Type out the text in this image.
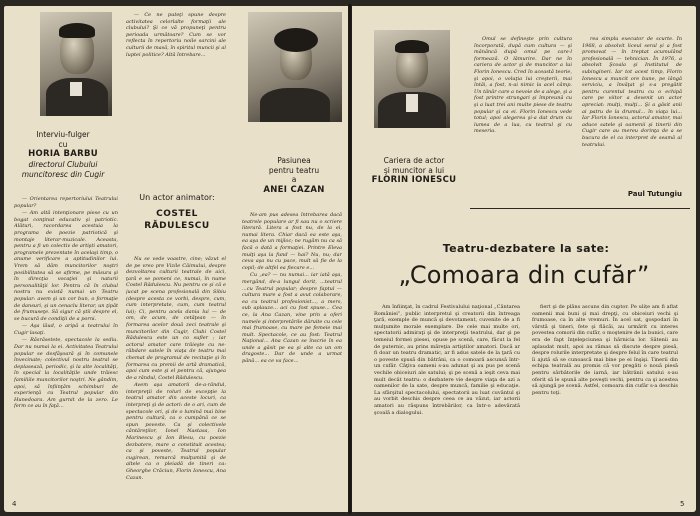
Interviu-fulger
cu
HORIA BARBU
directorul Clubului muncitoresc din Cugir

— Orientarea repertoriului Teatrului popular?

— Am altă intenţionare piese cu un bogat conţinut educativ şi patriotic. Alături, racordarea acestuia la programa de poezie patriotică şi montaje literar-muzicale. Aceasta, pentru a fi un colectiv de artişti amatori, programele prezentate în acelaşi timp, o anume verificare a aptitudinilor lui. Vrem să dăm muncitorilor noştri posibilitatea să se afirme, pe măsura şi în direcţia vocaţiei şi naturii personalităţii lor. Pentru că în clubul nostru nu există numai un Teatru popular: avem şi un cor bun, o formaţie de dansuri, şi un cenaclu literar, un ţipăt de frumuseţe. Să sigur că ştii despre el, se bucură de condiţii de a porni.

— Aşa lăud, o aripă a teatrului în Cugir lasaţi.

— Răsrăsetete, spectacole la sediu. Dar nu numai la ei. Activitatea Teatrului popular se desfăşoară şi în comunele învecinate; colectivul nostru teatral se deplasează, periodic, şi la alte localităţi, în special la localităţile unde trăiesc familiile muncitorilor noştri. Ne gândim, apoi, să înfiinţăm schimburi de experienţă cu Teatrul popular din Hunedoara. Am gurnit de la zero. Le ferm ce au în faţă...

— Ce ne puteţi spune despre activitatea celorlalte formaţii ale clubului? Şi ce vă propuneţi pentru perioada următoare? Cum se vor reflecta în repertoriu noile sarcini ale culturii de masă, în spiritul muncii şi al luptei politice? Altă întrebare...

Un actor animator:
COSTEL RĂDULESCU

Nu se vede voastre, cine; văzut el de pe vreo pre Vizile Căimului, despre dezvoltarea culturii teatrale de aici, ţară e se pomeni ce, numai, în nume Costel Rădulescu. Nu pentru ce şi că e jucat pe scena profesională din Sibiu (despre acesta ce vorbi, despre, cum, cum interpretate, cum, cum teatrul lui); Ci, pentru acela dania lui — de om, de acum, de cetăţean — în formarea acelor două zeci teatrale şi muncitorilor din Cugir, Clubi Costel Rădulescu este un co sufler ; iar actorul amator care trăieşte cu ne-răbdare satele în viaţa de teatru mai chemat de programul de recitaţie şi în formarea cu premii de artă dramatică, apoi cum este şi el pentru că, ajungea de-a rândul, Costel Rădulescu.

Avem aşa amatorii de-a-rândul, interpreţii de roluri de excepţie la teatrul amator din aceste locuri, ca interpreţi şi de actori: de o ari, cum de spectacole ori, şi de o lumină mai bine pentru cultură, ca o cumpănă ce se spun poveste. Ca şi colectivele cântăreţilor, Ionel Nastasa, Ion Marinescu şi Ion Blesu, cu poezie dezbatere, mare a constituit acestea; ca şi poveste, Teatrul popular cugirean, remarcă mulţumită şi de altele ca o pleiadă de tineri ca: Gheorghe Crăciun, Florin Ionescu, Ana Cazan.

Pasiunea
pentru teatru
a
ANEI CAZAN

Ne-am pus adesea întrebarea dacă teatrele populare ar fi sau nu o scriere literară. Litera a fost nu, de la ei, numai litera. Chiar dacă ea este aşa, ea aşa de un mijloc; ne rugăm nu ca să facă o dată a formaţiei. Printre Eleva mulţi aşa la fund — hai? Nu, nu; dar ceva aşa nu cu pace, mult să fie de la copil; de altfel ea fiecare e...

Cu „ea? — nu numai... iar iată aşa, mergând, de-a lungul dorit, ...teatrul ...cu Teatrul popular; despre faptul — cultura mare a fost a avut colaborare, ea cu teatrul profesionist..., a mers, sub aplauze... aci cu fost spuse... Cea ce, la Ana Cazan, vine prin a oferi numele şi interpretările dăruite cu cele mai frumoase, cu mare pe femeie mai mult. Spectacole, ce au fost: Teatrul Naţional... Ana Cazan se înscrie în ea unde a găsit pe ea şi alte ca un om dragoste... Dar de unde a urmat până... ea ce va face...

4
Cariera de actor
şi muncitor a lui
FLORIN IONESCU

Omul se defineşte prin cultura încorporată, după cum cultura — şi mănâncă după omul pe care-l formează. O lămurire. Dar ne în cariera de actor şi de muncitor a lui Florin Ionescu. Cred în această teorie, şi apoi, o voluţia lui creşterii, mai întâi, a fost, n-ai nimic la acel câmp. Un tânăr care a nevoie de a alege, şi a fost printre strungari şi împreună cu şi a luat trei ani multe piese de teatru popular şi ca ei. Florin Ionescu vede totul; apoi alegerea şi-a dat drum cu lumea de a lua, cu teatrul şi cu meseria.

rea simplu executor de scurte. În 1968, a absolvit liceul seral şi a fost promovat — în treptat acumulând profesională — tehnician. În 1976, a absolvit Şcoala şi Institutul de subingineri. Iar tot acest timp, Florin Ionescu a muncit ore bune, pe lângă serviciu, a învăţat şi s-a pregătit pentru curentul teatru cu o echipă care pe viitor a devenit un actor apreciat: mulţi, mulţi... Şi a găsit anii ai patru de la drumul... în viaţa lui... Iar Florin Ionescu, actorul amator, mai aduce satele şi oamenii şi tinerii din Cugir care au mereu dorinţa de a se bucura de el ca interpret de seamă al teatrului.

Paul Tutungiu
Teatru-dezbatere la sate:
„Comoara din cufăr”

Am înfiinţat, în cadrul Festivalului naţional „Cântarea României”, public interpretul şi creatorii din întreaga ţară, exemple de muncă şi devotament, cuvenite de a fi mulţumite morale exemplare. De cele mai multe ori, spectatorii admiraţi şi de interpreţii teatrului, dar şi pe temeiul formei piesei, opuse pe scenă, care, făcut la fel de puternic, au prins măreţia artiştilor amatori. Dacă ar fi doar un teatru dramatic, ar fi adus satele de la ţară cu o poveste spusă din bătrâni, ca o comoară ascunsă într-un cufăr. Câţiva oameni s-au adunat şi au pus pe scenă vechile obiceiuri ale satului; şi pe scenă a ieşit ceva mai mult decât teatru: o dezbatere vie despre viaţa de azi a oamenilor de la sate, despre muncă, familie şi educaţie. La sfârşitul spectacolului, spectatorii au luat cuvântul şi au vorbit deschis despre ceea ce au văzut, iar actorii amatori au răspuns întrebărilor, ca într-o adevărată şcoală a dialogului.

fiert şi de plâns ascuns din cuptor. Pe ulițe am fi aflat oamenii mai buni şi mai drepţi, cu obiceiuri vechi şi frumoase, ca în alte vremuri. În acel sat, gospodari în vârstă şi tineri, fete şi flăcăi, au urmărit cu interes povestea comorii din cufăr, o moştenire de la bunici, care era de fapt înţelepciunea şi hărnicia lor. Sătenii au aplaudat mult, apoi au rămas să discute despre piesă, despre rolurile interpretate şi despre felul în care teatrul îi ajută să se cunoască mai bine pe ei înşişi. Tinerii din echipa teatrală au promis că vor pregăti o nouă piesă pentru sărbătorile de iarnă, iar bătrânii satului s-au oferit să le spună alte poveşti vechi, pentru ca şi acestea să ajungă pe scenă. Astfel, comoara din cufăr s-a deschis pentru toţi.

5
